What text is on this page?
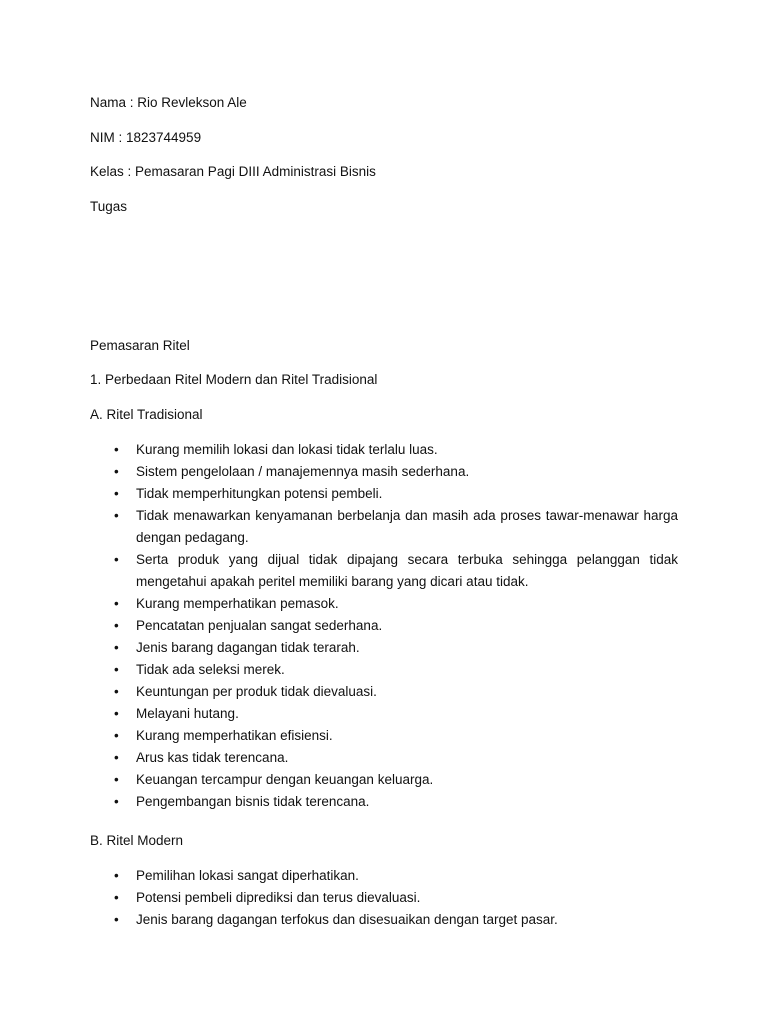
Nama : Rio Revlekson Ale
NIM : 1823744959
Kelas : Pemasaran Pagi DIII Administrasi Bisnis
Tugas
Pemasaran Ritel
1. Perbedaan Ritel Modern dan Ritel Tradisional
A. Ritel Tradisional
• Kurang memilih lokasi dan lokasi tidak terlalu luas.
• Sistem pengelolaan / manajemennya masih sederhana.
• Tidak memperhitungkan potensi pembeli.
• Tidak menawarkan kenyamanan berbelanja dan masih ada proses tawar-menawar harga dengan pedagang.
• Serta produk yang dijual tidak dipajang secara terbuka sehingga pelanggan tidak mengetahui apakah peritel memiliki barang yang dicari atau tidak.
• Kurang memperhatikan pemasok.
• Pencatatan penjualan sangat sederhana.
• Jenis barang dagangan tidak terarah.
• Tidak ada seleksi merek.
• Keuntungan per produk tidak dievaluasi.
• Melayani hutang.
• Kurang memperhatikan efisiensi.
• Arus kas tidak terencana.
• Keuangan tercampur dengan keuangan keluarga.
• Pengembangan bisnis tidak terencana.
B. Ritel Modern
• Pemilihan lokasi sangat diperhatikan.
• Potensi pembeli diprediksi dan terus dievaluasi.
• Jenis barang dagangan terfokus dan disesuaikan dengan target pasar.
